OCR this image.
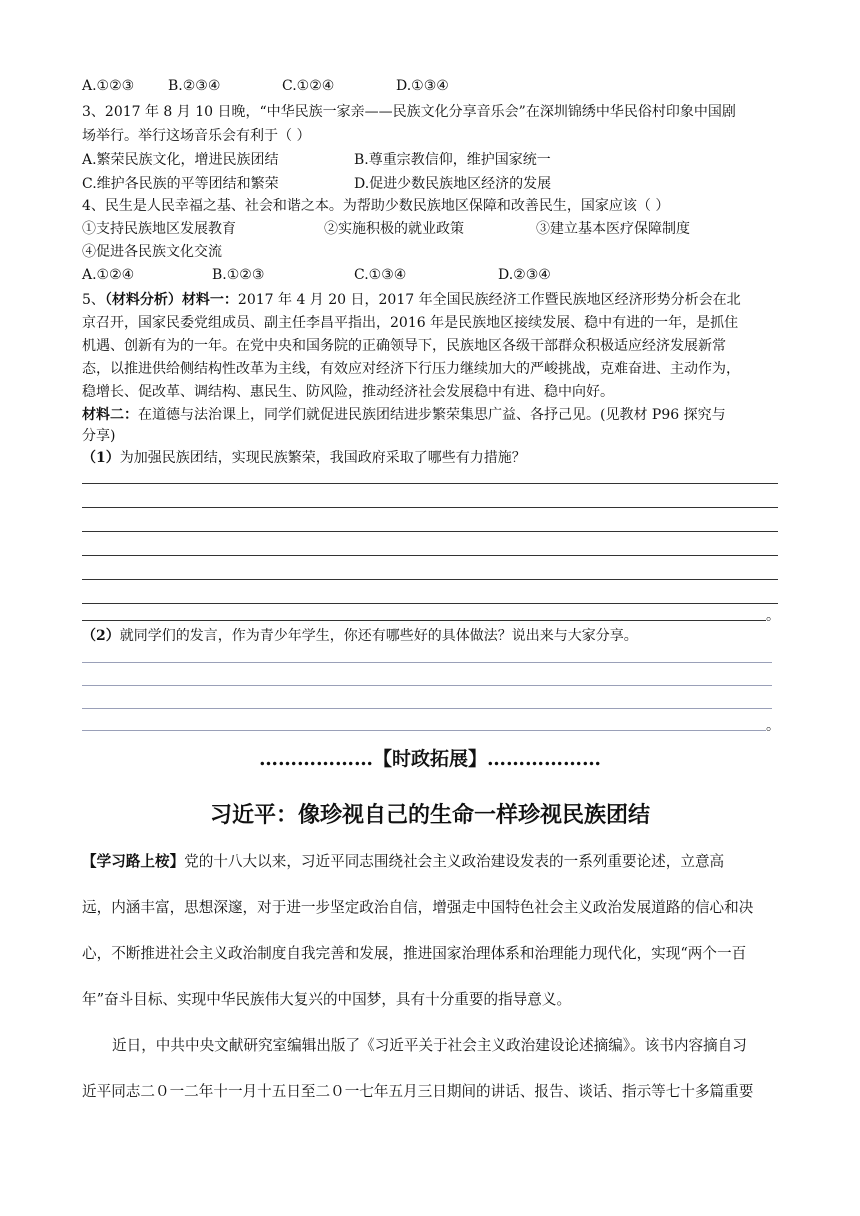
A.①②③ B.②③④	C.①②④	D.①③④
3、2017 年 8 月 10 日晚，“中华民族一家亲——民族文化分享音乐会”在深圳锦绣中华民俗村印象中国剧
场举行。举行这场音乐会有利于（ ）
A.繁荣民族文化，增进民族团结	B.尊重宗教信仰，维护国家统一
C.维护各民族的平等团结和繁荣	D.促进少数民族地区经济的发展
4、民生是人民幸福之基、社会和谐之本。为帮助少数民族地区保障和改善民生，国家应该（ ）
①支持民族地区发展教育	②实施积极的就业政策	③建立基本医疗保障制度
④促进各民族文化交流
A.①②④	B.①②③	C.①③④	D.②③④
5、（材料分析）材料一：2017 年 4 月 20 日，2017 年全国民族经济工作暨民族地区经济形势分析会在北
京召开，国家民委党组成员、副主任李昌平指出，2016 年是民族地区接续发展、稳中有进的一年，是抓住
机遇、创新有为的一年。在党中央和国务院的正确领导下，民族地区各级干部群众积极适应经济发展新常
态，以推进供给侧结构性改革为主线，有效应对经济下行压力继续加大的严峻挑战，克难奋进、主动作为，
稳增长、促改革、调结构、惠民生、防风险，推动经济社会发展稳中有进、稳中向好。
材料二：在道德与法治课上，同学们就促进民族团结进步繁荣集思广益、各抒己见。(见教材 P96 探究与
分享)
（1）为加强民族团结，实现民族繁荣，我国政府采取了哪些有力措施？
。
（2）就同学们的发言，作为青少年学生，你还有哪些好的具体做法？说出来与大家分享。
。
………………【时政拓展】………………
习近平：像珍视自己的生命一样珍视民族团结
【学习路上桉】党的十八大以来，习近平同志围绕社会主义政治建设发表的一系列重要论述，立意高
远，内涵丰富，思想深邃，对于进一步坚定政治自信，增强走中国特色社会主义政治发展道路的信心和决
心，不断推进社会主义政治制度自我完善和发展，推进国家治理体系和治理能力现代化，实现“两个一百
年”奋斗目标、实现中华民族伟大复兴的中国梦，具有十分重要的指导意义。
近日，中共中央文献研究室编辑出版了《习近平关于社会主义政治建设论述摘编》。该书内容摘自习
近平同志二０一二年十一月十五日至二０一七年五月三日期间的讲话、报告、谈话、指示等七十多篇重要
